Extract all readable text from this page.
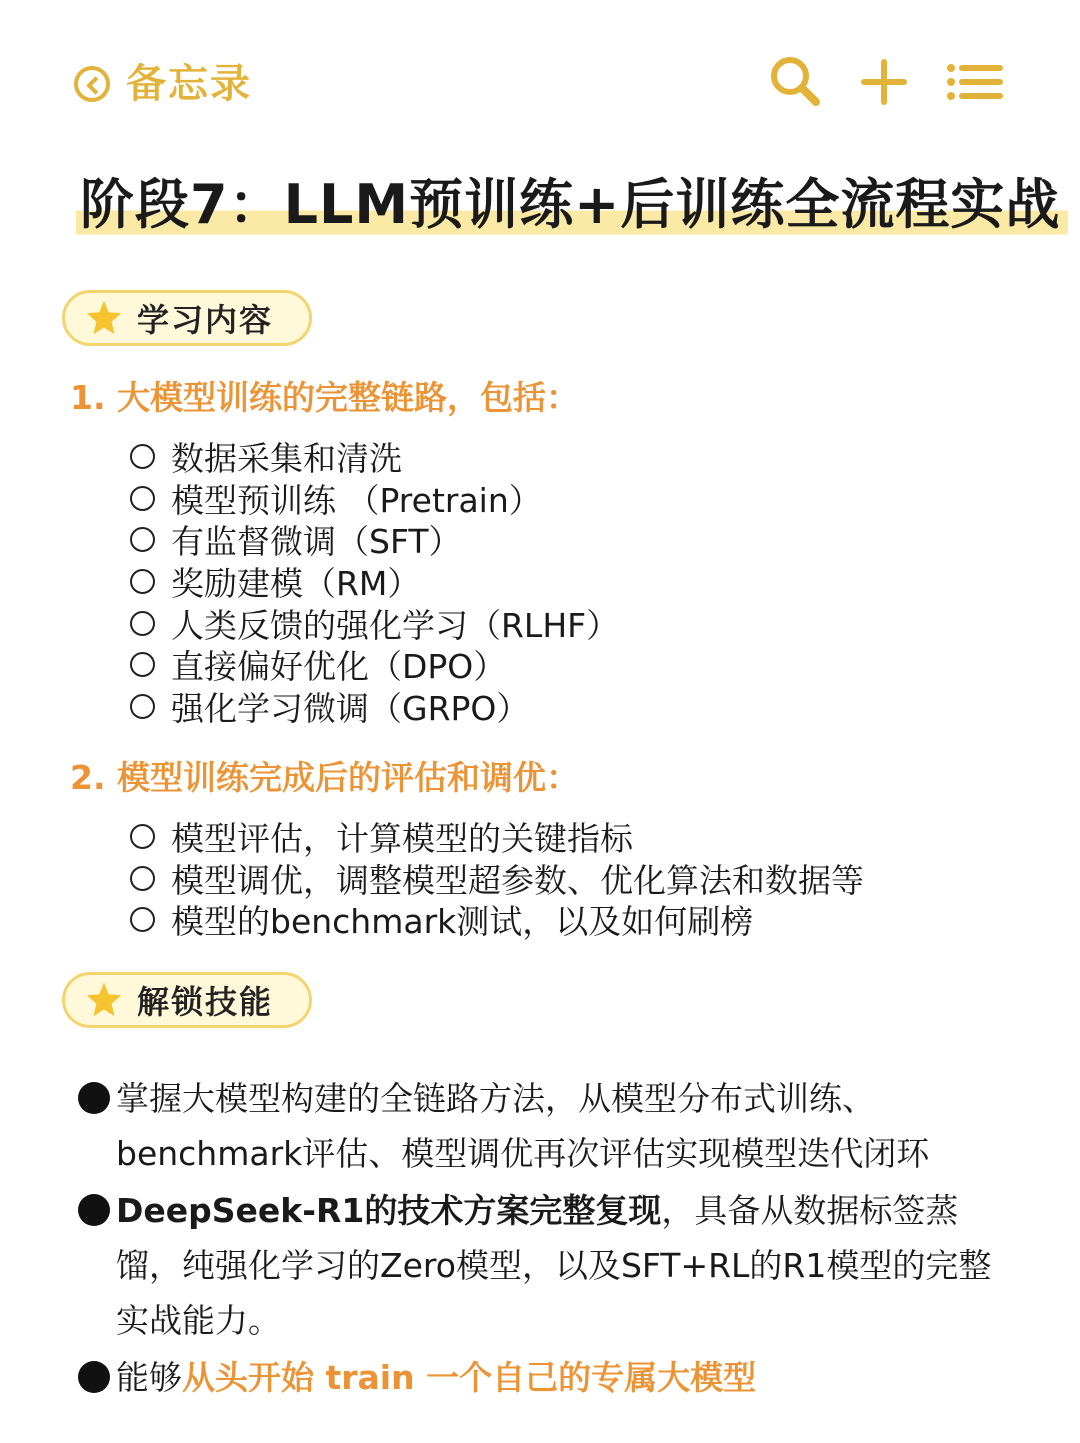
备忘录
阶段7：LLM预训练+后训练全流程实战
学习内容
1. 大模型训练的完整链路，包括：
数据采集和清洗
模型预训练 （Pretrain）
有监督微调（SFT）
奖励建模（RM）
人类反馈的强化学习（RLHF）
直接偏好优化（DPO）
强化学习微调（GRPO）
2. 模型训练完成后的评估和调优：
模型评估，计算模型的关键指标
模型调优，调整模型超参数、优化算法和数据等
模型的benchmark测试，以及如何刷榜
解锁技能
掌握大模型构建的全链路方法，从模型分布式训练、benchmark评估、模型调优再次评估实现模型迭代闭环
DeepSeek-R1的技术方案完整复现，具备从数据标签蒸馏，纯强化学习的Zero模型，以及SFT+RL的R1模型的完整实战能力。
能够从头开始 train 一个自己的专属大模型
